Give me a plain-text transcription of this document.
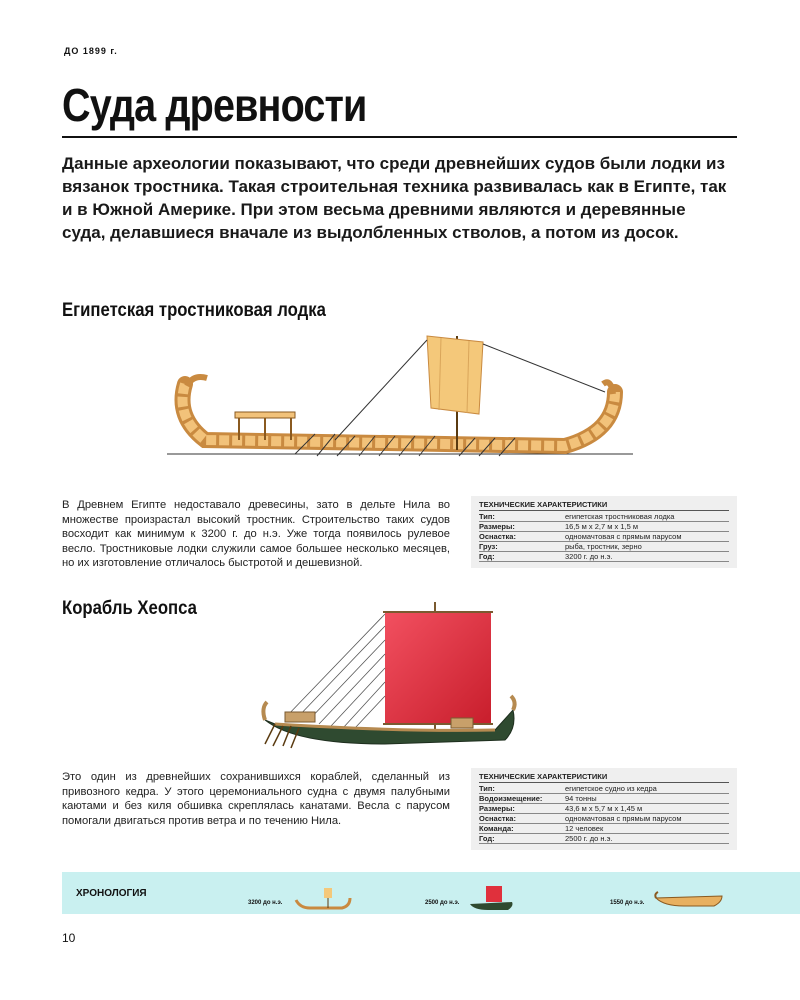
ДО 1899 г.
Суда древности
Данные археологии показывают, что среди древнейших судов были лодки из вязанок тростника. Такая строительная техника развивалась как в Египте, так и в Южной Америке. При этом весьма древними являются и деревянные суда, делавшиеся вначале из выдолбленных стволов, а потом из досок.
Египетская тростниковая лодка
В Древнем Египте недоставало древесины, зато в дельте Нила во множестве произрастал высокий тростник. Строительство таких судов восходит как минимум к 3200 г. до н.э. Уже тогда появилось рулевое весло. Тростниковые лодки служили самое большее несколько месяцев, но их изготовление отличалось быстротой и дешевизной.
ТЕХНИЧЕСКИЕ ХАРАКТЕРИСТИКИ
Тип:	египетская тростниковая лодка
Размеры:	16,5 м х 2,7 м х 1,5 м
Оснастка:	одномачтовая с прямым парусом
Груз:	рыба, тростник, зерно
Год:	3200 г. до н.э.
Корабль Хеопса
Это один из древнейших сохранившихся кораблей, сделанный из привозного кедра. У этого церемониального судна с двумя палубными каютами и без киля обшивка скреплялась канатами. Весла с парусом помогали двигаться против ветра и по течению Нила.
ТЕХНИЧЕСКИЕ ХАРАКТЕРИСТИКИ
Тип:	египетское судно из кедра
Водоизмещение:	94 тонны
Размеры:	43,6 м х 5,7 м х 1,45 м
Оснастка:	одномачтовая с прямым парусом
Команда:	12 человек
Год:	2500 г. до н.э.
ХРОНОЛОГИЯ
3200 до н.э.	2500 до н.э.	1550 до н.э.
10
